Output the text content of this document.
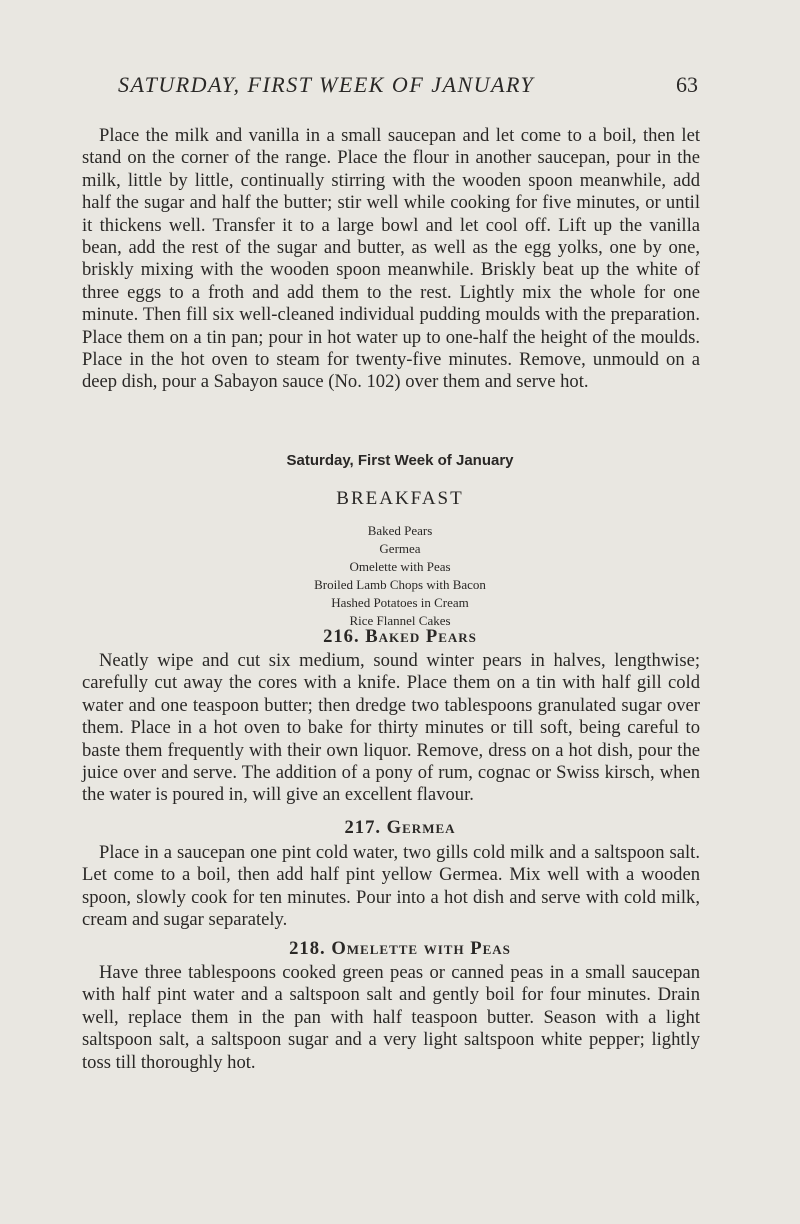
SATURDAY, FIRST WEEK OF JANUARY	63

Place the milk and vanilla in a small saucepan and let come to a boil, then let stand on the corner of the range. Place the flour in another saucepan, pour in the milk, little by little, continually stirring with the wooden spoon meanwhile, add half the sugar and half the butter; stir well while cooking for five minutes, or until it thickens well. Transfer it to a large bowl and let cool off. Lift up the vanilla bean, add the rest of the sugar and butter, as well as the egg yolks, one by one, briskly mixing with the wooden spoon meanwhile. Briskly beat up the white of three eggs to a froth and add them to the rest. Lightly mix the whole for one minute. Then fill six well-cleaned individual pudding moulds with the preparation. Place them on a tin pan; pour in hot water up to one-half the height of the moulds. Place in the hot oven to steam for twenty-five minutes. Remove, unmould on a deep dish, pour a Sabayon sauce (No. 102) over them and serve hot.

Saturday, First Week of January
BREAKFAST
Baked Pears
Germea
Omelette with Peas
Broiled Lamb Chops with Bacon
Hashed Potatoes in Cream
Rice Flannel Cakes
216. Baked Pears

Neatly wipe and cut six medium, sound winter pears in halves, lengthwise; carefully cut away the cores with a knife. Place them on a tin with half gill cold water and one teaspoon butter; then dredge two tablespoons granulated sugar over them. Place in a hot oven to bake for thirty minutes or till soft, being careful to baste them frequently with their own liquor. Remove, dress on a hot dish, pour the juice over and serve. The addition of a pony of rum, cognac or Swiss kirsch, when the water is poured in, will give an excellent flavour.

217. Germea

Place in a saucepan one pint cold water, two gills cold milk and a saltspoon salt. Let come to a boil, then add half pint yellow Germea. Mix well with a wooden spoon, slowly cook for ten minutes. Pour into a hot dish and serve with cold milk, cream and sugar separately.

218. Omelette with Peas

Have three tablespoons cooked green peas or canned peas in a small saucepan with half pint water and a saltspoon salt and gently boil for four minutes. Drain well, replace them in the pan with half teaspoon butter. Season with a light saltspoon salt, a saltspoon sugar and a very light saltspoon white pepper; lightly toss till thoroughly hot.
